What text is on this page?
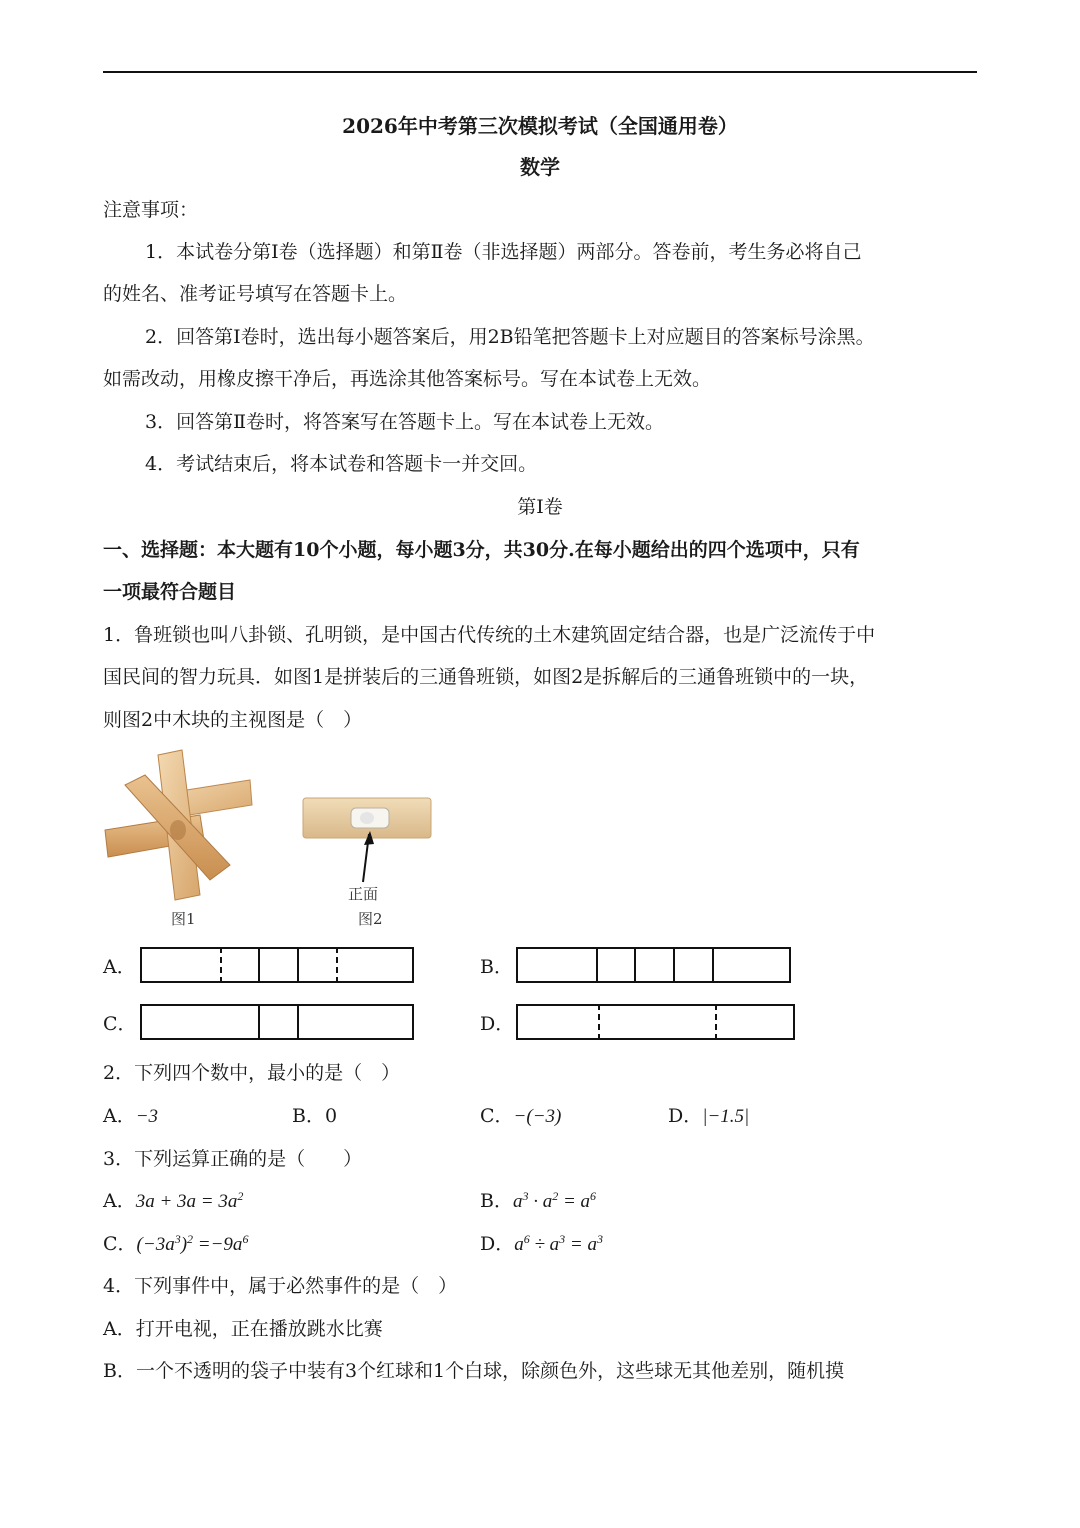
2026年中考第三次模拟考试（全国通用卷）
数学
注意事项：
1．本试卷分第Ⅰ卷（选择题）和第Ⅱ卷（非选择题）两部分。答卷前，考生务必将自己
的姓名、准考证号填写在答题卡上。
2．回答第Ⅰ卷时，选出每小题答案后，用2B铅笔把答题卡上对应题目的答案标号涂黑。
如需改动，用橡皮擦干净后，再选涂其他答案标号。写在本试卷上无效。
3．回答第Ⅱ卷时，将答案写在答题卡上。写在本试卷上无效。
4．考试结束后，将本试卷和答题卡一并交回。
第Ⅰ卷
一、选择题：本大题有10个小题，每小题3分，共30分.在每小题给出的四个选项中，只有
一项最符合题目
1．鲁班锁也叫八卦锁、孔明锁，是中国古代传统的土木建筑固定结合器，也是广泛流传于中
国民间的智力玩具．如图1是拼装后的三通鲁班锁，如图2是拆解后的三通鲁班锁中的一块，
则图2中木块的主视图是（　）
图1
正面
图2
A．	B．
C．	D．
2．下列四个数中，最小的是（　）
A．−3	B．0	C．−(−3)	D．|−1.5|
3．下列运算正确的是（　　）
A．$3a + 3a = 3a^2$	B．$a^3 \cdot a^2 = a^6$
C．$(-3a^3)^2 =-9a^6$	D．$a^6 \div a^3 = a^3$
4．下列事件中，属于必然事件的是（　）
A．打开电视，正在播放跳水比赛
B．一个不透明的袋子中装有3个红球和1个白球，除颜色外，这些球无其他差别，随机摸
